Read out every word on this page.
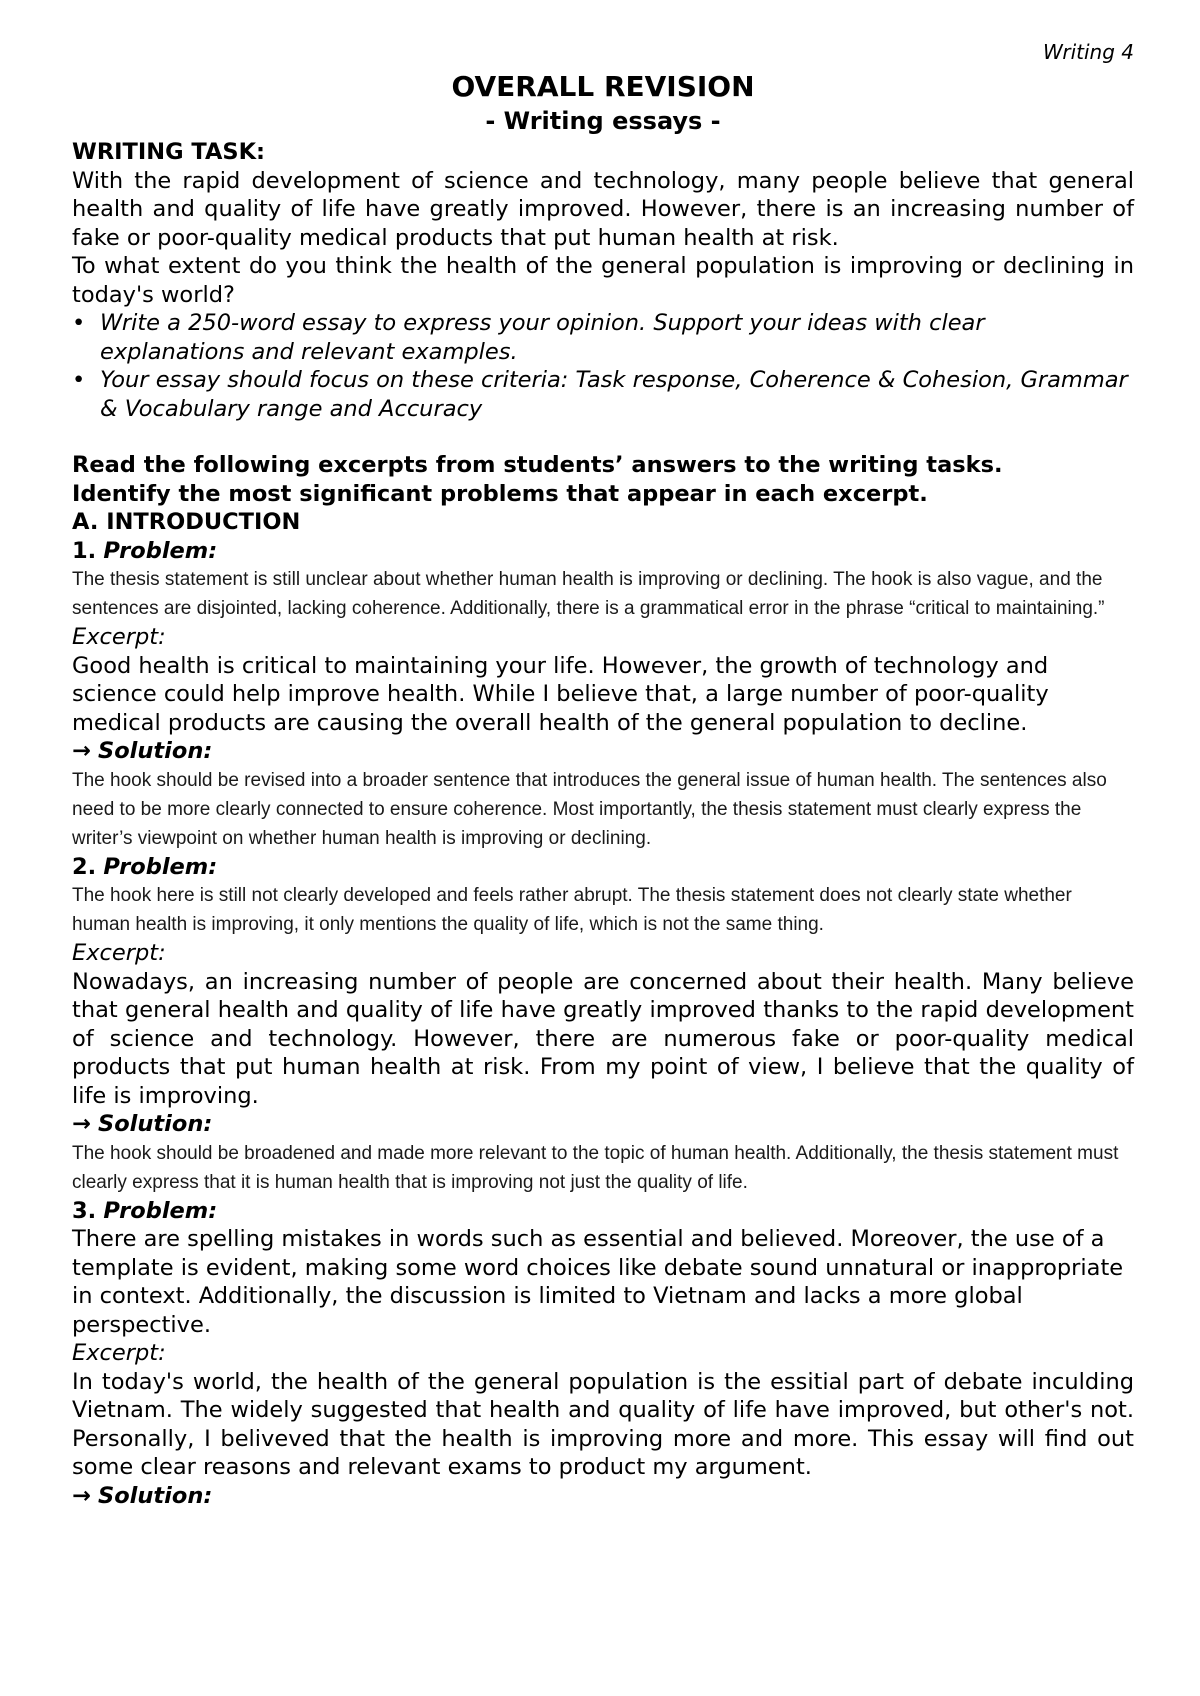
Writing 4
OVERALL REVISION
- Writing essays -

WRITING TASK:

With the rapid development of science and technology, many people believe that general health and quality of life have greatly improved. However, there is an increasing number of fake or poor-quality medical products that put human health at risk.

To what extent do you think the health of the general population is improving or declining in today's world?

• Write a 250-word essay to express your opinion. Support your ideas with clear explanations and relevant examples.
• Your essay should focus on these criteria: Task response, Coherence & Cohesion, Grammar & Vocabulary range and Accuracy

Read the following excerpts from students’ answers to the writing tasks.

Identify the most significant problems that appear in each excerpt.

A. INTRODUCTION

1. Problem:

The thesis statement is still unclear about whether human health is improving or declining. The hook is also vague, and the sentences are disjointed, lacking coherence. Additionally, there is a grammatical error in the phrase “critical to maintaining.”

Excerpt:

Good health is critical to maintaining your life. However, the growth of technology and science could help improve health. While I believe that, a large number of poor-quality medical products are causing the overall health of the general population to decline.

→ Solution:

The hook should be revised into a broader sentence that introduces the general issue of human health. The sentences also need to be more clearly connected to ensure coherence. Most importantly, the thesis statement must clearly express the writer’s viewpoint on whether human health is improving or declining.

2. Problem:

The hook here is still not clearly developed and feels rather abrupt. The thesis statement does not clearly state whether human health is improving, it only mentions the quality of life, which is not the same thing.

Excerpt:

Nowadays, an increasing number of people are concerned about their health. Many believe that general health and quality of life have greatly improved thanks to the rapid development of science and technology. However, there are numerous fake or poor-quality medical products that put human health at risk. From my point of view, I believe that the quality of life is improving.

→ Solution:

The hook should be broadened and made more relevant to the topic of human health. Additionally, the thesis statement must clearly express that it is human health that is improving not just the quality of life.

3. Problem:

There are spelling mistakes in words such as essential and believed. Moreover, the use of a template is evident, making some word choices like debate sound unnatural or inappropriate in context. Additionally, the discussion is limited to Vietnam and lacks a more global perspective.

Excerpt:

In today's world, the health of the general population is the essitial part of debate inculding Vietnam. The widely suggested that health and quality of life have improved, but other's not. Personally, I beliveved that the health is improving more and more. This essay will find out some clear reasons and relevant exams to product my argument.

→ Solution:
